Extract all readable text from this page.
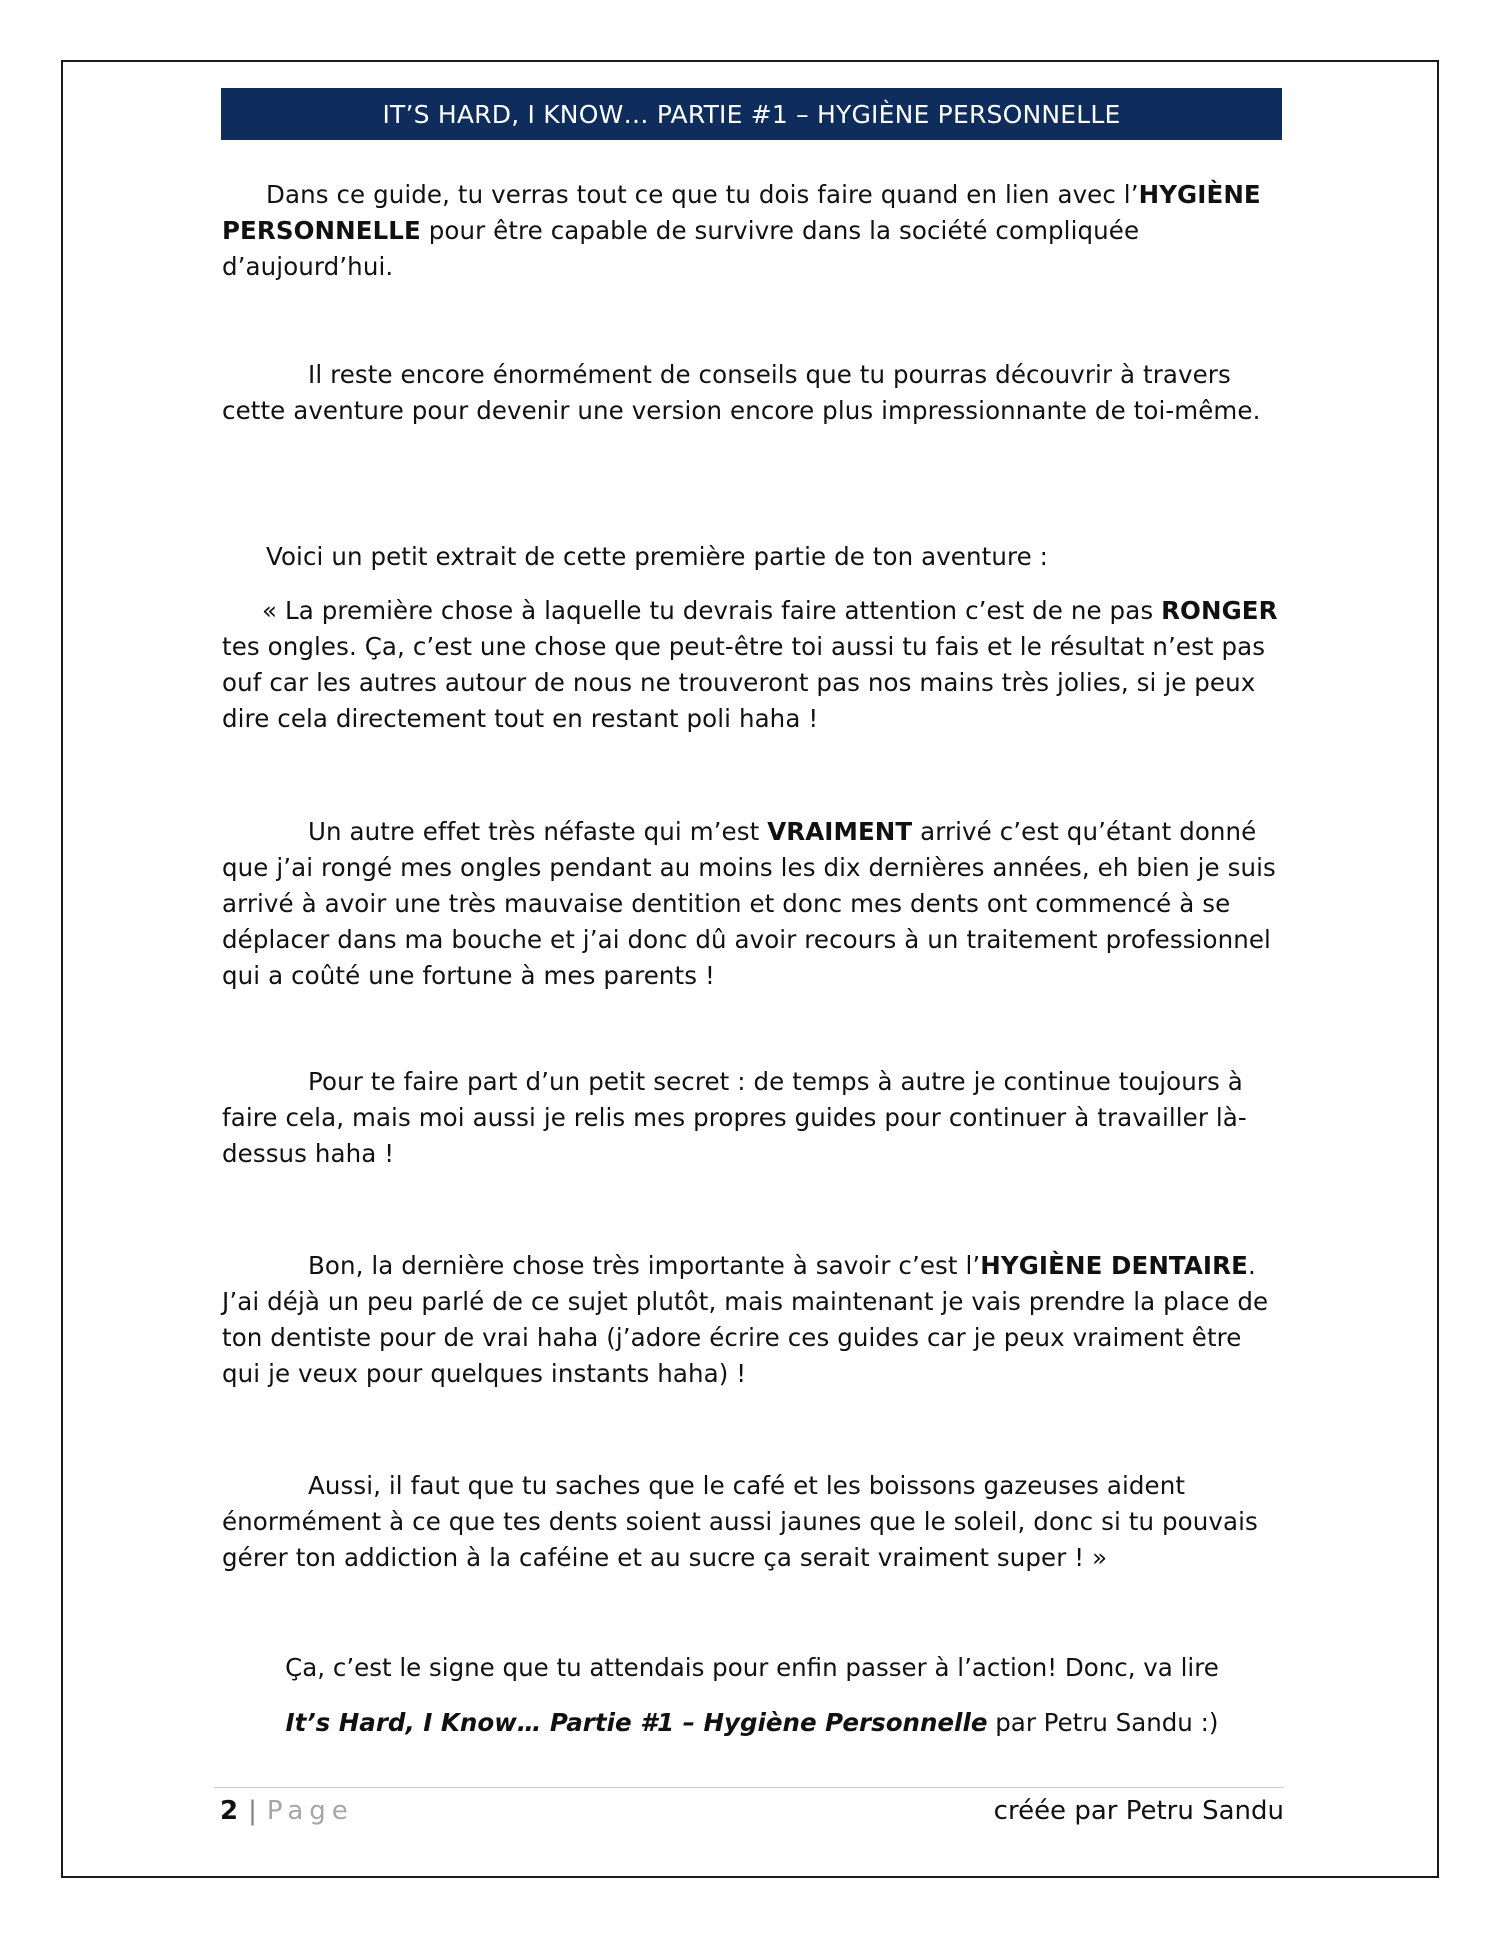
IT’S HARD, I KNOW… PARTIE #1 – HYGIÈNE PERSONNELLE

Dans ce guide, tu verras tout ce que tu dois faire quand en lien avec l’HYGIÈNE PERSONNELLE pour être capable de survivre dans la société compliquée d’aujourd’hui.

Il reste encore énormément de conseils que tu pourras découvrir à travers cette aventure pour devenir une version encore plus impressionnante de toi-même.

Voici un petit extrait de cette première partie de ton aventure :

« La première chose à laquelle tu devrais faire attention c’est de ne pas RONGER tes ongles. Ça, c’est une chose que peut-être toi aussi tu fais et le résultat n’est pas ouf car les autres autour de nous ne trouveront pas nos mains très jolies, si je peux dire cela directement tout en restant poli haha !

Un autre effet très néfaste qui m’est VRAIMENT arrivé c’est qu’étant donné que j’ai rongé mes ongles pendant au moins les dix dernières années, eh bien je suis arrivé à avoir une très mauvaise dentition et donc mes dents ont commencé à se déplacer dans ma bouche et j’ai donc dû avoir recours à un traitement professionnel qui a coûté une fortune à mes parents !

Pour te faire part d’un petit secret : de temps à autre je continue toujours à faire cela, mais moi aussi je relis mes propres guides pour continuer à travailler là-dessus haha !

Bon, la dernière chose très importante à savoir c’est l’HYGIÈNE DENTAIRE. J’ai déjà un peu parlé de ce sujet plutôt, mais maintenant je vais prendre la place de ton dentiste pour de vrai haha (j’adore écrire ces guides car je peux vraiment être qui je veux pour quelques instants haha) !

Aussi, il faut que tu saches que le café et les boissons gazeuses aident énormément à ce que tes dents soient aussi jaunes que le soleil, donc si tu pouvais gérer ton addiction à la caféine et au sucre ça serait vraiment super ! »

Ça, c’est le signe que tu attendais pour enfin passer à l’action! Donc, va lire

It’s Hard, I Know… Partie #1 – Hygiène Personnelle par Petru Sandu :)

2 | Page	créée par Petru Sandu
